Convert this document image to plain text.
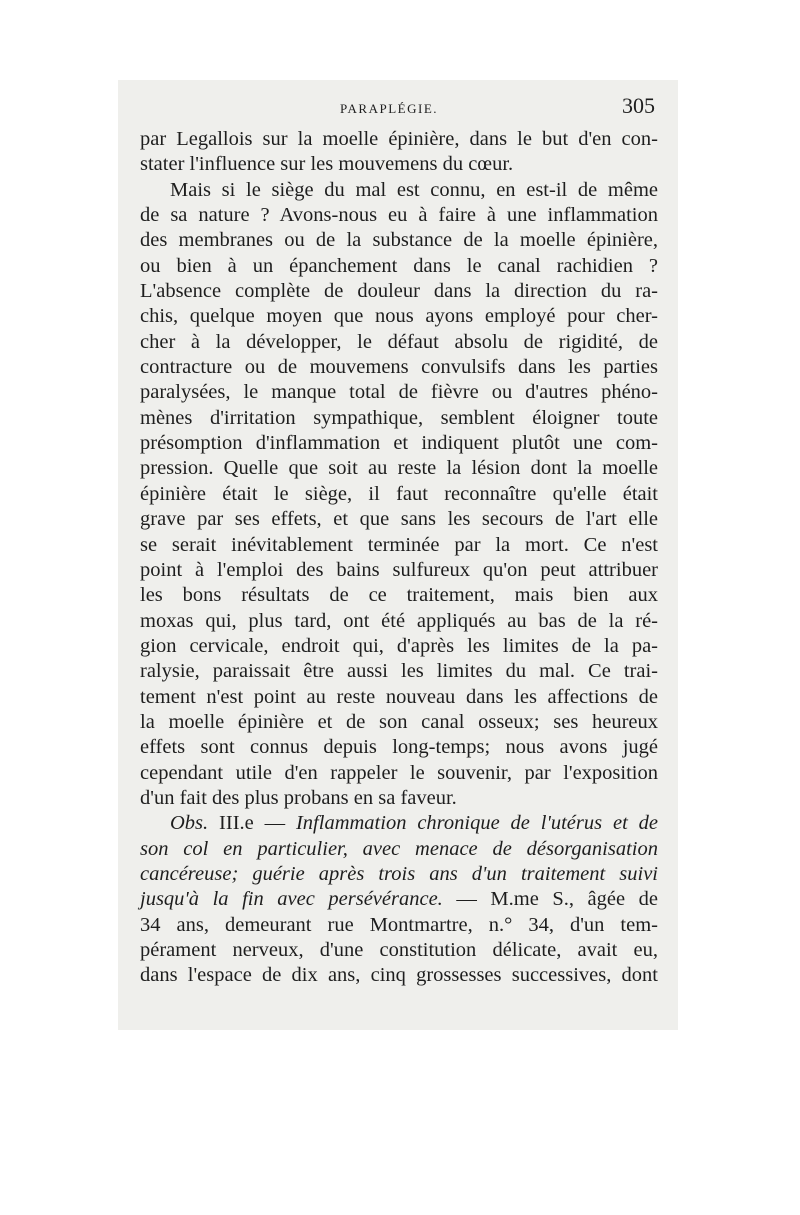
PARAPLÉGIE.	305
par Legallois sur la moelle épinière, dans le but d'en con-
stater l'influence sur les mouvemens du cœur.
Mais si le siège du mal est connu, en est-il de même
de sa nature ? Avons-nous eu à faire à une inflammation
des membranes ou de la substance de la moelle épinière,
ou bien à un épanchement dans le canal rachidien ?
L'absence complète de douleur dans la direction du ra-
chis, quelque moyen que nous ayons employé pour cher-
cher à la développer, le défaut absolu de rigidité, de
contracture ou de mouvemens convulsifs dans les parties
paralysées, le manque total de fièvre ou d'autres phéno-
mènes d'irritation sympathique, semblent éloigner toute
présomption d'inflammation et indiquent plutôt une com-
pression. Quelle que soit au reste la lésion dont la moelle
épinière était le siège, il faut reconnaître qu'elle était
grave par ses effets, et que sans les secours de l'art elle
se serait inévitablement terminée par la mort. Ce n'est
point à l'emploi des bains sulfureux qu'on peut attribuer
les bons résultats de ce traitement, mais bien aux
moxas qui, plus tard, ont été appliqués au bas de la ré-
gion cervicale, endroit qui, d'après les limites de la pa-
ralysie, paraissait être aussi les limites du mal. Ce trai-
tement n'est point au reste nouveau dans les affections de
la moelle épinière et de son canal osseux; ses heureux
effets sont connus depuis long-temps; nous avons jugé
cependant utile d'en rappeler le souvenir, par l'exposition
d'un fait des plus probans en sa faveur.
Obs. III.e — Inflammation chronique de l'utérus et de
son col en particulier, avec menace de désorganisation
cancéreuse; guérie après trois ans d'un traitement suivi
jusqu'à la fin avec persévérance. — M.me S., âgée de
34 ans, demeurant rue Montmartre, n.° 34, d'un tem-
pérament nerveux, d'une constitution délicate, avait eu,
dans l'espace de dix ans, cinq grossesses successives, dont
